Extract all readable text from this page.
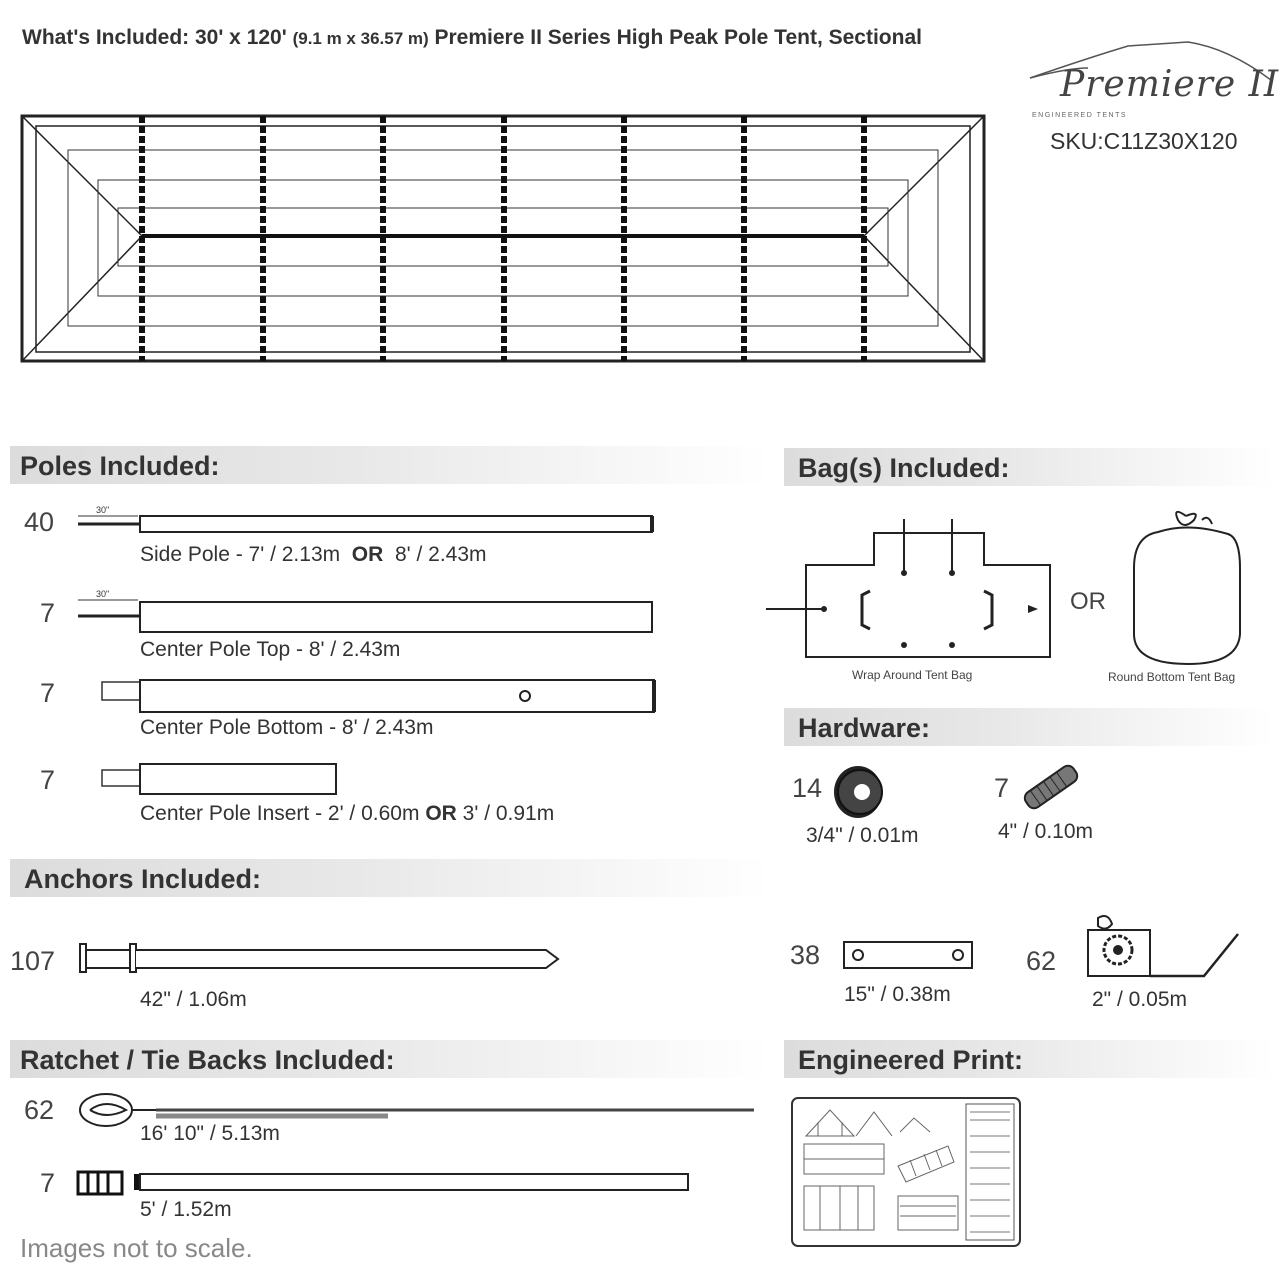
What's Included: 30' x 120' (9.1 m x 36.57 m) Premiere II Series High Peak Pole Tent, Sectional
Premiere II
ENGINEERED TENTS
SKU:C11Z30X120
Poles Included:
40	30"
Side Pole - 7' / 2.13m OR 8' / 2.43m
7
30"
Center Pole Top - 8' / 2.43m
7
Center Pole Bottom - 8' / 2.43m
7
Center Pole Insert - 2' / 0.60m OR 3' / 0.91m
Anchors Included:
107
42" / 1.06m
Ratchet / Tie Backs Included:
62
16' 10" / 5.13m
7
5' / 1.52m
Images not to scale.
Bag(s) Included:
Wrap Around Tent Bag
OR
Round Bottom Tent Bag
Hardware:
14
3/4" / 0.01m
7
4" / 0.10m
38
15" / 0.38m
62
2" / 0.05m
Engineered Print:
